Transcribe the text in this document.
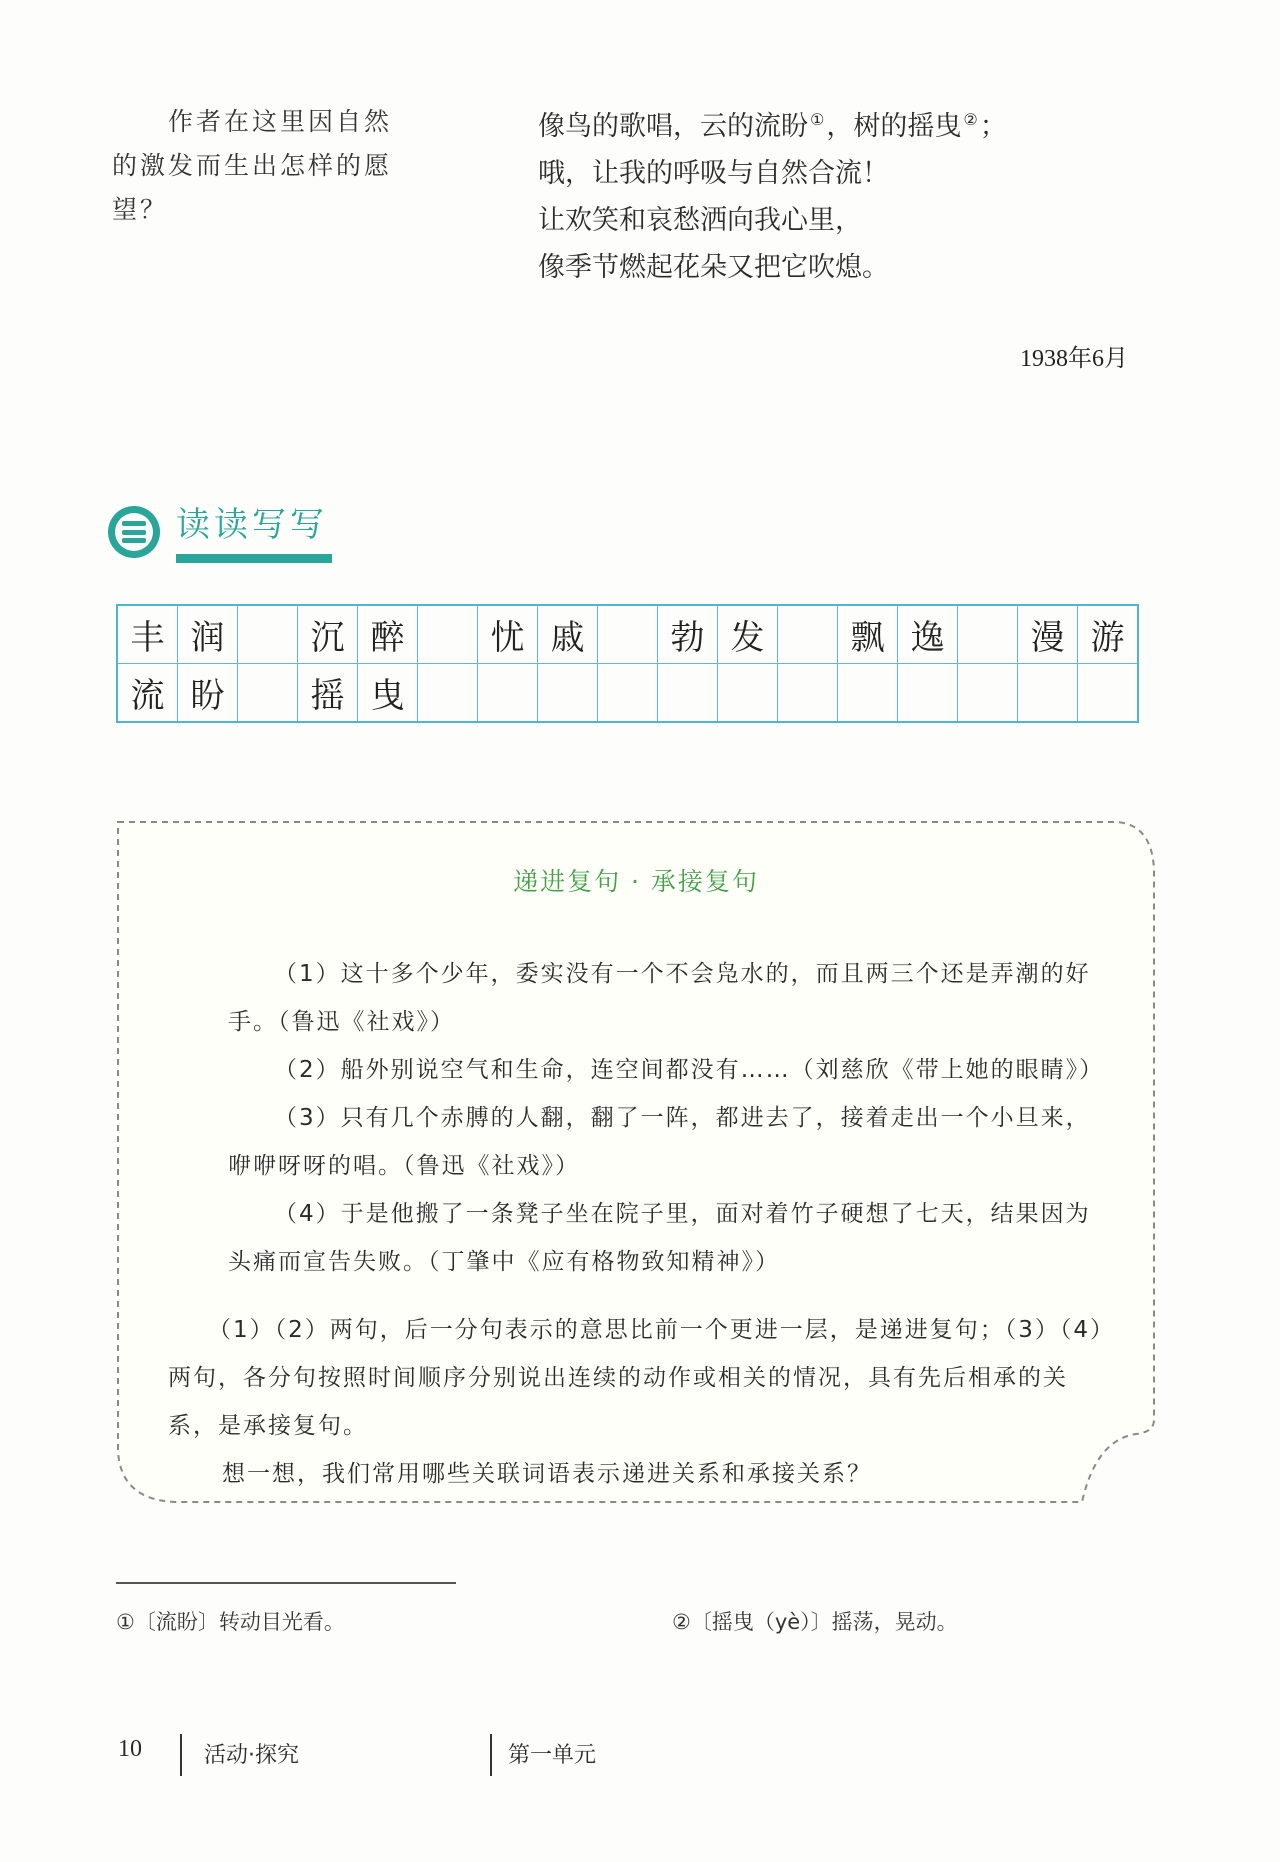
作者在这里因自然
的激发而生出怎样的愿
望？
像鸟的歌唱，云的流盼 ①，树的摇曳 ②；
哦，让我的呼吸与自然合流！
让欢笑和哀愁洒向我心里，
像季节燃起花朵又把它吹熄。
1938年6月
读读写写
丰	润		沉	醉		忧	戚		勃	发		飘	逸		漫	游
流	盼		摇	曳												
递进复句 · 承接复句

（1）这十多个少年，委实没有一个不会凫水的，而且两三个还是弄潮的好手。（鲁迅《社戏》）

（2）船外别说空气和生命，连空间都没有……（刘慈欣《带上她的眼睛》）

（3）只有几个赤膊的人翻，翻了一阵，都进去了，接着走出一个小旦来，咿咿呀呀的唱。（鲁迅《社戏》）

（4）于是他搬了一条凳子坐在院子里，面对着竹子硬想了七天，结果因为头痛而宣告失败。（丁肇中《应有格物致知精神》）

（1）（2）两句，后一分句表示的意思比前一个更进一层，是递进复句；（3）（4）两句，各分句按照时间顺序分别说出连续的动作或相关的情况，具有先后相承的关系，是承接复句。

想一想，我们常用哪些关联词语表示递进关系和承接关系？

①〔流盼〕转动目光看。	②〔摇曳（yè）〕摇荡，晃动。
10	活动·探究	第一单元
